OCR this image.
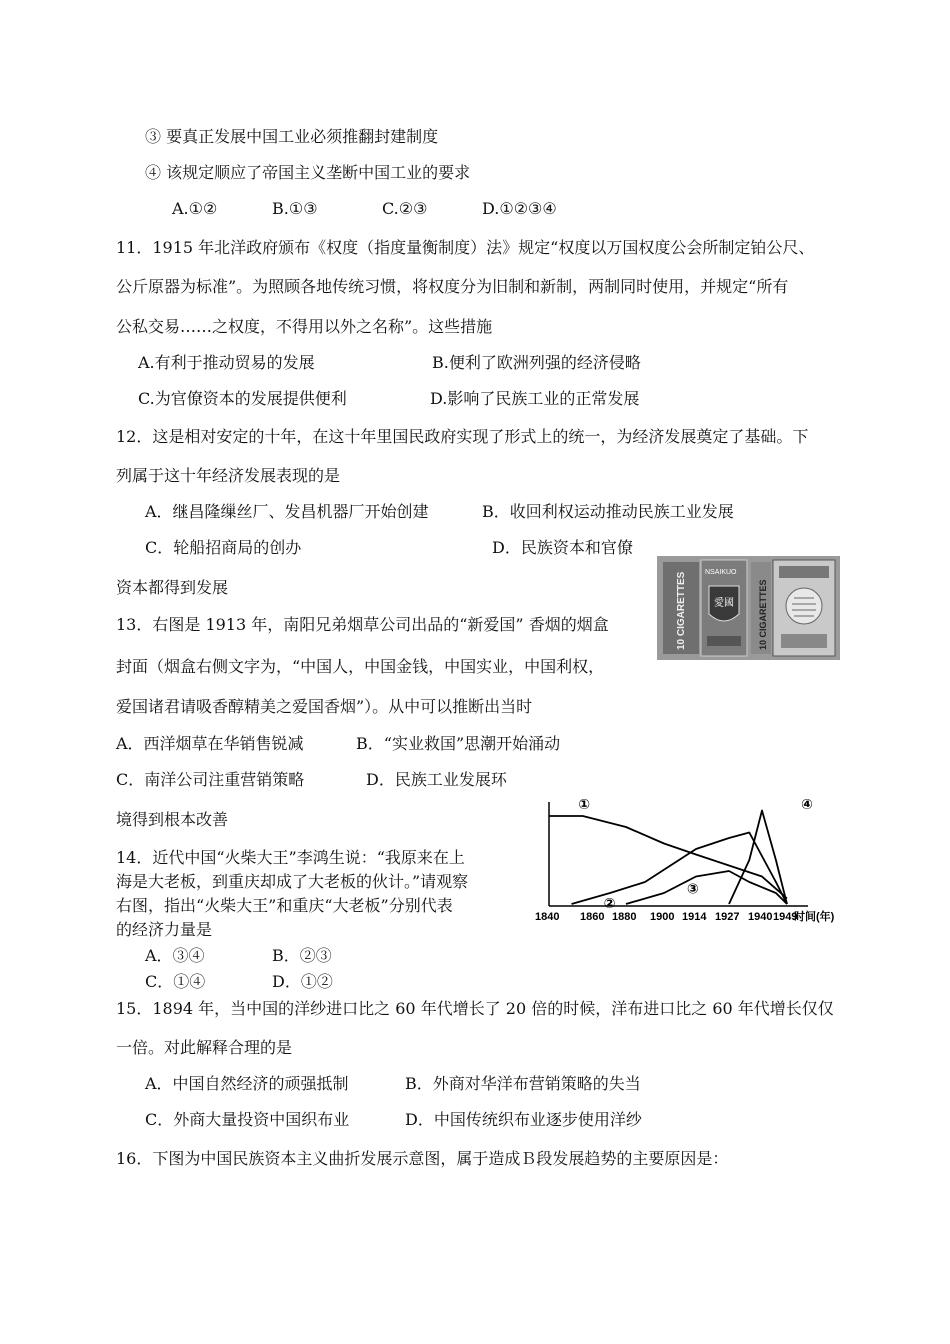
③ 要真正发展中国工业必须推翻封建制度
④ 该规定顺应了帝国主义垄断中国工业的要求
A.①②	B.①③	C.②③	D.①②③④
11．1915 年北洋政府颁布《权度（指度量衡制度）法》规定“权度以万国权度公会所制定铂公尺、
公斤原器为标准”。为照顾各地传统习惯，将权度分为旧制和新制，两制同时使用，并规定“所有
公私交易……之权度，不得用以外之名称”。这些措施
A.有利于推动贸易的发展	B.便利了欧洲列强的经济侵略
C.为官僚资本的发展提供便利	D.影响了民族工业的正常发展
12．这是相对安定的十年，在这十年里国民政府实现了形式上的统一，为经济发展奠定了基础。下
列属于这十年经济发展表现的是
A．继昌隆缫丝厂、发昌机器厂开始创建	B．收回利权运动推动民族工业发展
C．轮船招商局的创办	D．民族资本和官僚
资本都得到发展	10 CIGARETTES	NSAIKUO
愛國	10 CIGARETTES
13．右图是 1913 年，南阳兄弟烟草公司出品的“新爱国” 香烟的烟盒
封面（烟盒右侧文字为，“中国人，中国金钱，中国实业，中国利权，
爱国诸君请吸香醇精美之爱国香烟”）。从中可以推断出当时
A．西洋烟草在华销售锐减	B．“实业救国”思潮开始涌动
C．南洋公司注重营销策略	D．民族工业发展环
境得到根本改善
14．近代中国“火柴大王”李鸿生说：“我原来在上
海是大老板，到重庆却成了大老板的伙计。”请观察
右图，指出“火柴大王”和重庆“大老板”分别代表
的经济力量是
A．③④	B．②③
C．①④	D．①②
①
②
③
④
1840 1860 1880 1900 1914 1927 1940 1949
时间(年)
15．1894 年，当中国的洋纱进口比之 60 年代增长了 20 倍的时候，洋布进口比之 60 年代增长仅仅
一倍。对此解释合理的是
A．中国自然经济的顽强抵制	B．外商对华洋布营销策略的失当
C．外商大量投资中国织布业	D．中国传统织布业逐步使用洋纱
16．下图为中国民族资本主义曲折发展示意图，属于造成Ｂ段发展趋势的主要原因是：
